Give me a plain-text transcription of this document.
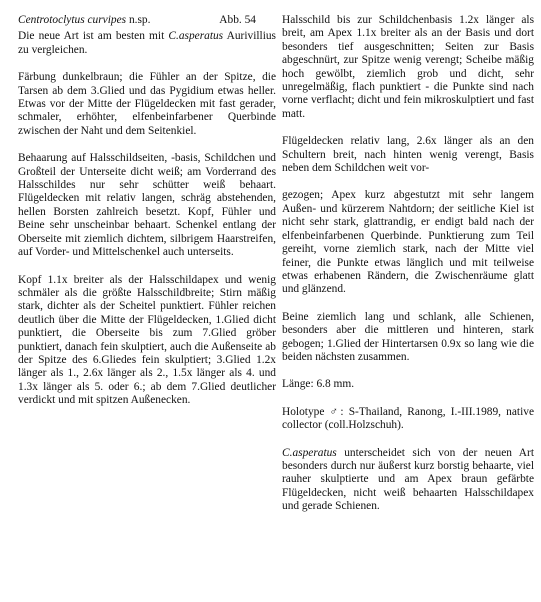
Centrotoclytus curvipes n.sp.	Abb. 54

Die neue Art ist am besten mit C.asperatus Aurivillius zu vergleichen.

Färbung dunkelbraun; die Fühler an der Spitze, die Tarsen ab dem 3.Glied und das Pygidium etwas heller. Etwas vor der Mitte der Flügeldecken mit fast gerader, schmaler, erhöhter, elfenbeinfarbener Querbinde zwischen der Naht und dem Seitenkiel.

Behaarung auf Halsschildseiten, -basis, Schildchen und Großteil der Unterseite dicht weiß; am Vorderrand des Halsschildes nur sehr schütter weiß behaart. Flügeldecken mit relativ langen, schräg abstehenden, hellen Borsten zahlreich besetzt. Kopf, Fühler und Beine sehr unscheinbar behaart. Schenkel entlang der Oberseite mit ziemlich dichtem, silbrigem Haarstreifen, auf Vorder- und Mittelschenkel auch unterseits.

Kopf 1.1x breiter als der Halsschildapex und wenig schmäler als die größte Halsschildbreite; Stirn mäßig stark, dichter als der Scheitel punktiert. Fühler reichen deutlich über die Mitte der Flügeldecken, 1.Glied dicht punktiert, die Oberseite bis zum 7.Glied gröber punktiert, danach fein skulptiert, auch die Außenseite ab der Spitze des 6.Gliedes fein skulptiert; 3.Glied 1.2x länger als 1., 2.6x länger als 2., 1.5x länger als 4. und 1.3x länger als 5. oder 6.; ab dem 7.Glied deutlicher verdickt und mit spitzen Außenecken.

Halsschild bis zur Schildchenbasis 1.2x länger als breit, am Apex 1.1x breiter als an der Basis und dort besonders tief ausgeschnitten; Seiten zur Basis abgeschnürt, zur Spitze wenig verengt; Scheibe mäßig hoch gewölbt, ziemlich grob und dicht, sehr unregelmäßig, flach punktiert - die Punkte sind nach vorne verflacht; dicht und fein mikroskulptiert und fast matt.

Flügeldecken relativ lang, 2.6x länger als an den Schultern breit, nach hinten wenig verengt, Basis neben dem Schildchen weit vor-

gezogen; Apex kurz abgestutzt mit sehr langem Außen- und kürzerem Nahtdorn; der seitliche Kiel ist nicht sehr stark, glattrandig, er endigt bald nach der elfenbeinfarbenen Querbinde. Punktierung zum Teil gereiht, vorne ziemlich stark, nach der Mitte viel feiner, die Punkte etwas länglich und mit teilweise etwas erhabenen Rändern, die Zwischenräume glatt und glänzend.

Beine ziemlich lang und schlank, alle Schienen, besonders aber die mittleren und hinteren, stark gebogen; 1.Glied der Hintertarsen 0.9x so lang wie die beiden nächsten zusammen.

Länge: 6.8 mm.

Holotype ♂: S-Thailand, Ranong, I.-III.1989, native collector (coll.Holzschuh).

C.asperatus unterscheidet sich von der neuen Art besonders durch nur äußerst kurz borstig behaarte, viel rauher skulptierte und am Apex braun gefärbte Flügeldecken, nicht weiß behaarten Halsschildapex und gerade Schienen.
